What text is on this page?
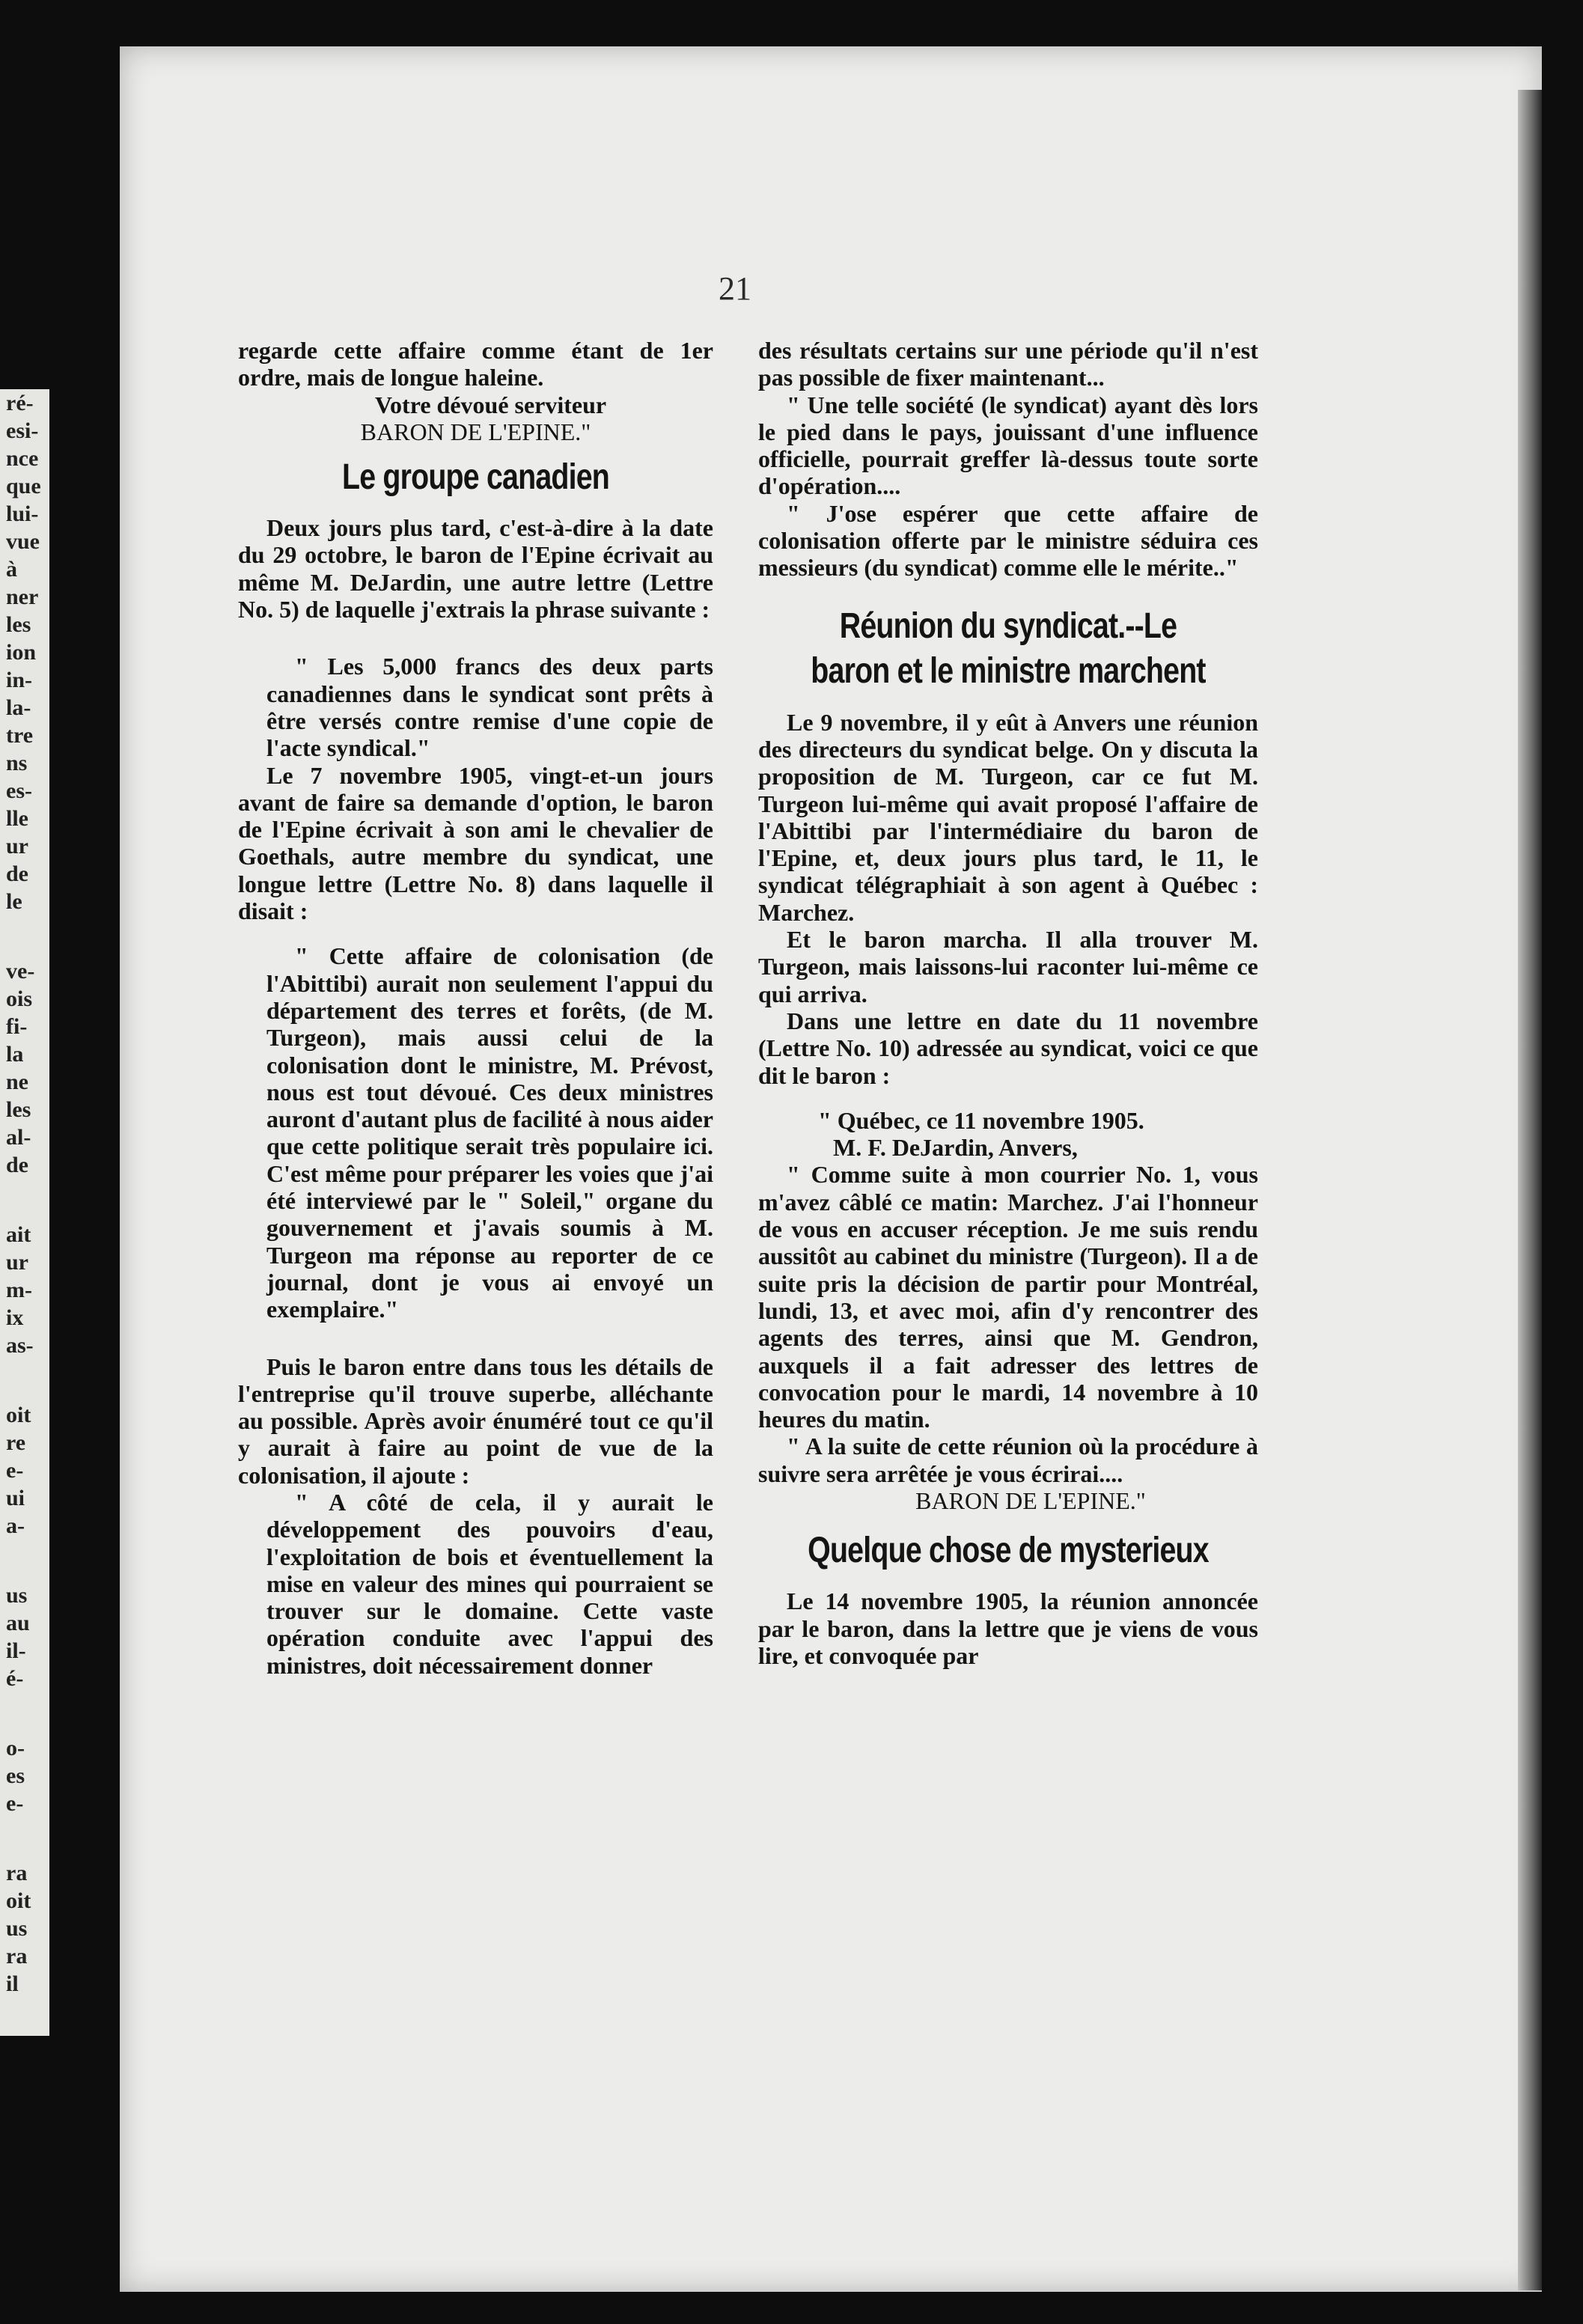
ré-
esi-
nce
que
lui-
vue
à
ner
les
ion
in-
la-
tre
ns
es-
lle
ur
de
le
ve-
ois
fi-
la
ne
les
al-
de
ait
ur
m-
ix
as-
oit
re
e-
ui
a-
us
au
il-
é-
o-
es
e-
ra
oit
us
ra
il
21

regarde cette affaire comme étant de 1er ordre, mais de longue haleine.

Votre dévoué serviteur

BARON DE L'EPINE."

Le groupe canadien

Deux jours plus tard, c'est-à-dire à la date du 29 octobre, le baron de l'Epine écrivait au même M. DeJardin, une autre lettre (Lettre No. 5) de laquelle j'extrais la phrase suivante :

" Les 5,000 francs des deux parts canadiennes dans le syndicat sont prêts à être versés contre remise d'une copie de l'acte syndical."

Le 7 novembre 1905, vingt-et-un jours avant de faire sa demande d'option, le baron de l'Epine écrivait à son ami le chevalier de Goethals, autre membre du syndicat, une longue lettre (Lettre No. 8) dans laquelle il disait :

" Cette affaire de colonisation (de l'Abittibi) aurait non seulement l'appui du département des terres et forêts, (de M. Turgeon), mais aussi celui de la colonisation dont le ministre, M. Prévost, nous est tout dévoué. Ces deux ministres auront d'autant plus de facilité à nous aider que cette politique serait très populaire ici. C'est même pour préparer les voies que j'ai été interviewé par le " Soleil," organe du gouvernement et j'avais soumis à M. Turgeon ma réponse au reporter de ce journal, dont je vous ai envoyé un exemplaire."

Puis le baron entre dans tous les détails de l'entreprise qu'il trouve superbe, alléchante au possible. Après avoir énuméré tout ce qu'il y aurait à faire au point de vue de la colonisation, il ajoute :

" A côté de cela, il y aurait le développement des pouvoirs d'eau, l'exploitation de bois et éventuellement la mise en valeur des mines qui pourraient se trouver sur le domaine. Cette vaste opération conduite avec l'appui des ministres, doit nécessairement donner

des résultats certains sur une période qu'il n'est pas possible de fixer maintenant...

" Une telle société (le syndicat) ayant dès lors le pied dans le pays, jouissant d'une influence officielle, pourrait greffer là-dessus toute sorte d'opération....

" J'ose espérer que cette affaire de colonisation offerte par le ministre séduira ces messieurs (du syndicat) comme elle le mérite.."

Réunion du syndicat.--Le baron et le ministre marchent

Le 9 novembre, il y eût à Anvers une réunion des directeurs du syndicat belge. On y discuta la proposition de M. Turgeon, car ce fut M. Turgeon lui-même qui avait proposé l'affaire de l'Abittibi par l'intermédiaire du baron de l'Epine, et, deux jours plus tard, le 11, le syndicat télégraphiait à son agent à Québec : Marchez.

Et le baron marcha. Il alla trouver M. Turgeon, mais laissons-lui raconter lui-même ce qui arriva.

Dans une lettre en date du 11 novembre (Lettre No. 10) adressée au syndicat, voici ce que dit le baron :

" Québec, ce 11 novembre 1905.

M. F. DeJardin, Anvers,

" Comme suite à mon courrier No. 1, vous m'avez câblé ce matin: Marchez. J'ai l'honneur de vous en accuser réception. Je me suis rendu aussitôt au cabinet du ministre (Turgeon). Il a de suite pris la décision de partir pour Montréal, lundi, 13, et avec moi, afin d'y rencontrer des agents des terres, ainsi que M. Gendron, auxquels il a fait adresser des lettres de convocation pour le mardi, 14 novembre à 10 heures du matin.

" A la suite de cette réunion où la procédure à suivre sera arrêtée je vous écrirai....

BARON DE L'EPINE."

Quelque chose de mysterieux

Le 14 novembre 1905, la réunion annoncée par le baron, dans la lettre que je viens de vous lire, et convoquée par
